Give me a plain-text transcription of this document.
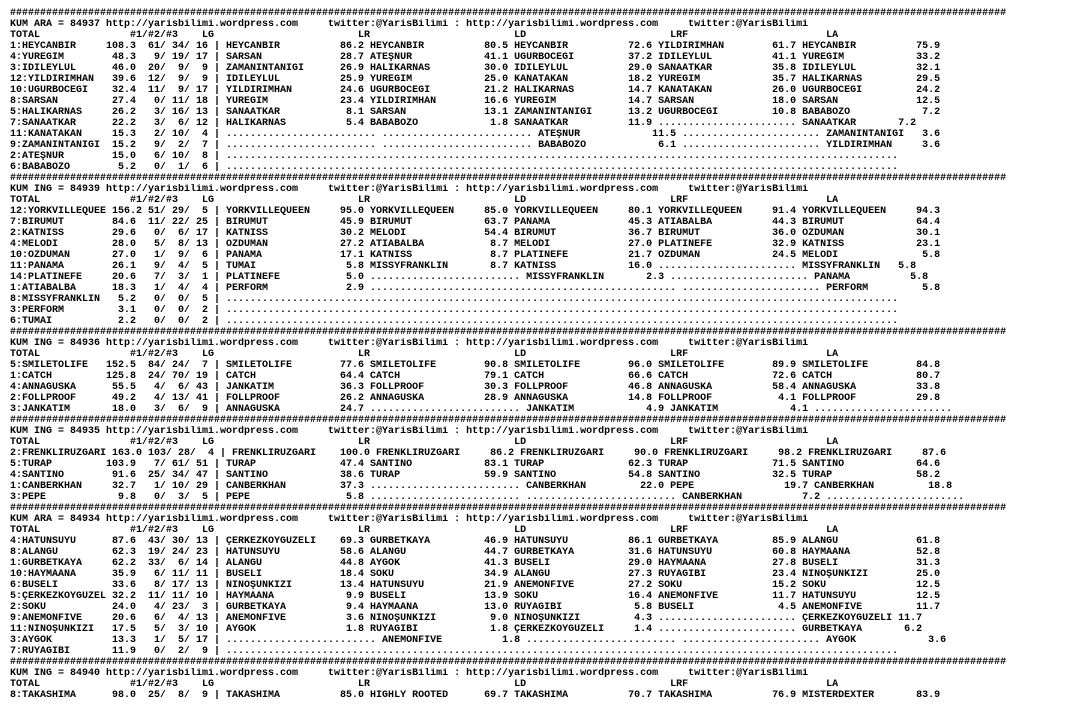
######################################################################################################################################################################
KUM ARA = 84937 http://yarisbilimi.wordpress.com     twitter:@YarisBilimi : http://yarisbilimi.wordpress.com     twitter:@YarisBilimi
TOTAL               #1/#2/#3    LG                        LR                        LD                        LRF                       LA
1:HEYCANBİR     108.3  61/ 34/ 16 | HEYCANBİR          86.2 HEYCANBİR          80.5 HEYCANBİR          72.6 YILDIRIMHAN        61.7 HEYCANBİR          75.9
4:YÜREĞİM        48.3   9/ 19/ 17 | SARSAN             28.7 ATEŞNUR            41.1 UĞURBÖCEĞİ         37.2 İDİLEYLÜL          41.1 YÜREĞİM            33.2
3:İDİLEYLÜL      46.0  20/  9/  9 | ZAMANINTANIĞI      26.9 HALİKARNAS         30.0 İDİLEYLÜL          29.0 SANAATKAR          35.8 İDİLEYLÜL          32.1
12:YILDIRIMHAN   39.6  12/  9/  9 | İDİLEYLÜL          25.9 YÜREĞİM            25.0 KANATAKAN          18.2 YÜREĞİM            35.7 HALİKARNAS         29.5
10:UĞURBÖCEĞİ    32.4  11/  9/ 17 | YILDIRIMHAN        24.6 UĞURBÖCEĞİ         21.2 HALİKARNAS         14.7 KANATAKAN          26.0 UĞURBÖCEĞİ         24.2
8:SARSAN         27.4   0/ 11/ 18 | YÜREĞİM            23.4 YILDIRIMHAN        16.6 YÜREĞİM            14.7 SARSAN             18.0 SARSAN             12.5
5:HALİKARNAS     26.2   3/ 16/ 13 | SANAATKAR           8.1 SARSAN             13.1 ZAMANINTANIĞI      13.2 UĞURBÖCEĞİ         10.8 BABABOZO            7.2
7:SANAATKAR      22.2   3/  6/ 12 | HALİKARNAS          5.4 BABABOZO            1.8 SANAATKAR          11.9 ....................... SANAATKAR       7.2
11:KANATAKAN     15.3   2/ 10/  4 | ......................... ......................... ATEŞNUR            11.5 ....................... ZAMANINTANIĞI   3.6
9:ZAMANINTANIĞI  15.2   9/  2/  7 | ......................... ......................... BABABOZO            6.1 ....................... YILDIRIMHAN     3.6
2:ATEŞNUR        15.0   6/ 10/  8 | ................................................................................................................
6:BABABOZO        5.2   0/  1/  6 | ................................................................................................................
######################################################################################################################################################################
KUM ING = 84939 http://yarisbilimi.wordpress.com     twitter:@YarisBilimi : http://yarisbilimi.wordpress.com     twitter:@YarisBilimi
TOTAL               #1/#2/#3    LG                        LR                        LD                        LRF                       LA
12:YORKVILLEQUEE 156.2 51/ 29/  5 | YORKVILLEQUEEN     95.0 YORKVILLEQUEEN     85.0 YORKVILLEQUEEN     80.1 YORKVILLEQUEEN     91.4 YORKVILLEQUEEN     94.3
7:BİRUMUT        84.6  11/ 22/ 25 | BİRUMUT            45.9 BİRUMUT            63.7 PANAMA             45.3 ATIABALBA          44.3 BİRUMUT            64.4
2:KATNISS        29.6   0/  6/ 17 | KATNISS            30.2 MELODİ             54.4 BİRUMUT            36.7 BİRUMUT            36.0 ÖZDUMAN            30.1
4:MELODİ         28.0   5/  8/ 13 | ÖZDUMAN            27.2 ATIABALBA           8.7 MELODİ             27.0 PLATİNEFE          32.9 KATNISS            23.1
10:ÖZDUMAN       27.0   1/  9/  6 | PANAMA             17.1 KATNISS             8.7 PLATİNEFE          21.7 ÖZDUMAN            24.5 MELODİ              5.8
11:PANAMA        26.1   9/  4/  5 | TUMAI               5.8 MISSYFRANKLIN       8.7 KATNISS            16.0 ....................... MISSYFRANKLIN   5.8
14:PLATİNEFE     20.6   7/  3/  1 | PLATİNEFE           5.0 ......................... MISSYFRANKLIN       2.3 ....................... PANAMA          5.8
1:ATIABALBA      18.3   1/  4/  4 | PERFORM             2.9 ................................................... ....................... PERFORM         5.8
8:MISSYFRANKLIN   5.2   0/  0/  5 | ................................................................................................................
3:PERFORM         3.1   0/  0/  2 | ................................................................................................................
6:TUMAI           2.2   0/  0/  2 | ................................................................................................................
######################################################################################################################################################################
KUM ING = 84936 http://yarisbilimi.wordpress.com     twitter:@YarisBilimi : http://yarisbilimi.wordpress.com     twitter:@YarisBilimi
TOTAL               #1/#2/#3    LG                        LR                        LD                        LRF                       LA
5:SMILETOLIFE   152.5  84/ 24/  7 | SMILETOLIFE        77.6 SMILETOLIFE        90.8 SMILETOLIFE        96.0 SMILETOLIFE        89.9 SMILETOLIFE        84.8
1:CATCH         125.8  24/ 70/ 19 | CATCH              64.4 CATCH              79.1 CATCH              66.6 CATCH              72.6 CATCH              80.7
4:ANNAGUSKA      55.5   4/  6/ 43 | JANKATIM           36.3 FOLLPROOF          30.3 FOLLPROOF          46.8 ANNAGUSKA          58.4 ANNAGUSKA          33.8
2:FOLLPROOF      49.2   4/ 13/ 41 | FOLLPROOF          26.2 ANNAGUSKA          28.9 ANNAGUSKA          14.8 FOLLPROOF           4.1 FOLLPROOF          29.8
3:JANKATIM       18.0   3/  6/  9 | ANNAGUSKA          24.7 ......................... JANKATIM            4.9 JANKATIM            4.1 .......................
######################################################################################################################################################################
KUM ING = 84935 http://yarisbilimi.wordpress.com     twitter:@YarisBilimi : http://yarisbilimi.wordpress.com     twitter:@YarisBilimi
TOTAL               #1/#2/#3    LG                        LR                        LD                        LRF                       LA
2:FRENKLİRÜZGARI 163.0 103/ 28/  4 | FRENKLİRÜZGARI    100.0 FRENKLİRÜZGARI     86.2 FRENKLİRÜZGARI     90.0 FRENKLİRÜZGARI     98.2 FRENKLİRÜZGARI     87.6
5:TURAP         103.9   7/ 61/ 51 | TURAP              47.4 SANTINO            83.1 TURAP              62.3 TURAP              71.5 SANTINO            64.6
4:SANTINO        91.6  25/ 34/ 47 | SANTINO            38.6 TURAP              59.9 SANTINO            54.8 SANTINO            32.5 TURAP              58.2
1:CANBERKHAN     32.7   1/ 10/ 29 | CANBERKHAN         37.3 ......................... CANBERKHAN         22.0 PEPE               19.7 CANBERKHAN         18.8
3:PEPE            9.8   0/  3/  5 | PEPE                5.8 ......................... ......................... CANBERKHAN          7.2 .......................
######################################################################################################################################################################
KUM ARA = 84934 http://yarisbilimi.wordpress.com     twitter:@YarisBilimi : http://yarisbilimi.wordpress.com     twitter:@YarisBilimi
TOTAL               #1/#2/#3    LG                        LR                        LD                        LRF                       LA
4:HATUNSUYU      87.6  43/ 30/ 13 | ÇERKEZKÖYGÜZELİ    69.3 GURBETKAYA         46.9 HATUNSUYU          86.1 GURBETKAYA         85.9 ALANGU             61.8
8:ALANGU         62.3  19/ 24/ 23 | HATUNSUYU          58.6 ALANGU             44.7 GURBETKAYA         31.6 HATUNSUYU          60.8 HAYMAANA           52.8
1:GURBETKAYA     62.2  33/  6/ 14 | ALANGU             44.8 AYGÖK              41.3 BUSELİ             29.0 HAYMAANA           27.8 BUSELİ             31.3
10:HAYMAANA      35.9   6/ 11/ 11 | BUSELİ             18.4 SOKU               34.9 ALANGU             27.3 RÜYAGİBİ           23.4 NİNOŞUNKİZİ        25.0
6:BUSELİ         33.6   8/ 17/ 13 | NİNOŞUNKİZİ        13.4 HATUNSUYU          21.9 ANEMONFIVE         27.2 SOKU               15.2 SOKU               12.5
5:ÇERKEZKÖYGÜZEL 32.2  11/ 11/ 10 | HAYMAANA            9.9 BUSELİ             13.9 SOKU               16.4 ANEMONFIVE         11.7 HATUNSUYU          12.5
2:SOKU           24.0   4/ 23/  3 | GURBETKAYA          9.4 HAYMAANA           13.0 RÜYAGİBİ            5.8 BUSELİ              4.5 ANEMONFIVE         11.7
9:ANEMONFIVE     20.6   6/  4/ 13 | ANEMONFIVE          3.6 NİNOŞUNKİZİ         9.0 NİNOŞUNKİZİ         4.3 ....................... ÇERKEZKÖYGÜZELİ 11.7
11:NİNOŞUNKİZİ   17.5   5/  3/ 10 | AYGÖK               1.8 RÜYAGİBİ            1.8 ÇERKEZKÖYGÜZELİ     1.4 ....................... GURBETKAYA       6.2
3:AYGÖK          13.3   1/  5/ 17 | ......................... ANEMONFIVE          1.8 ......................... ....................... AYGÖK            3.6
7:RÜYAGİBİ       11.9   0/  2/  9 | ................................................................................................................
######################################################################################################################################################################
KUM ING = 84940 http://yarisbilimi.wordpress.com     twitter:@YarisBilimi : http://yarisbilimi.wordpress.com     twitter:@YarisBilimi
TOTAL               #1/#2/#3    LG                        LR                        LD                        LRF                       LA
8:TAKASHIMA      98.0  25/  8/  9 | TAKASHIMA          85.0 HIGHLY ROOTED      69.7 TAKASHIMA          70.7 TAKASHIMA          76.9 MISTERDEXTER       83.9
